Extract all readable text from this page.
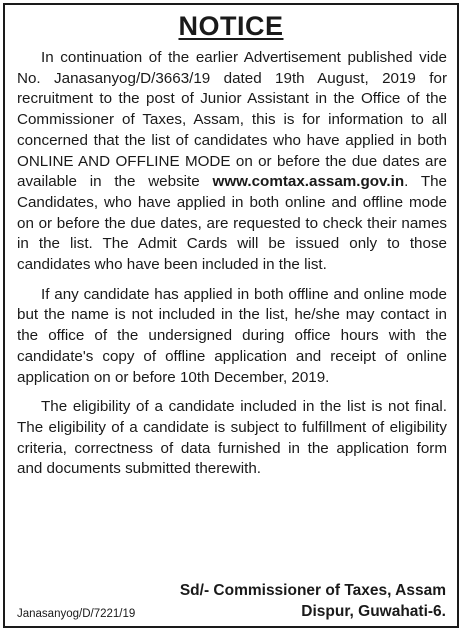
NOTICE

In continuation of the earlier Advertisement published vide No. Janasanyog/D/3663/19 dated 19th August, 2019 for recruitment to the post of Junior Assistant in the Office of the Commissioner of Taxes, Assam, this is for information to all concerned that the list of candidates who have applied in both ONLINE AND OFFLINE MODE on or before the due dates are available in the website www.comtax.assam.gov.in. The Candidates, who have applied in both online and offline mode on or before the due dates, are requested to check their names in the list. The Admit Cards will be issued only to those candidates who have been included in the list.

If any candidate has applied in both offline and online mode but the name is not included in the list, he/she may contact in the office of the undersigned during office hours with the candidate's copy of offline application and receipt of online application on or before 10th December, 2019.

The eligibility of a candidate included in the list is not final. The eligibility of a candidate is subject to fulfillment of eligibility criteria, correctness of data furnished in the application form and documents submitted therewith.

Sd/- Commissioner of Taxes, Assam
Dispur, Guwahati-6.
Janasanyog/D/7221/19
